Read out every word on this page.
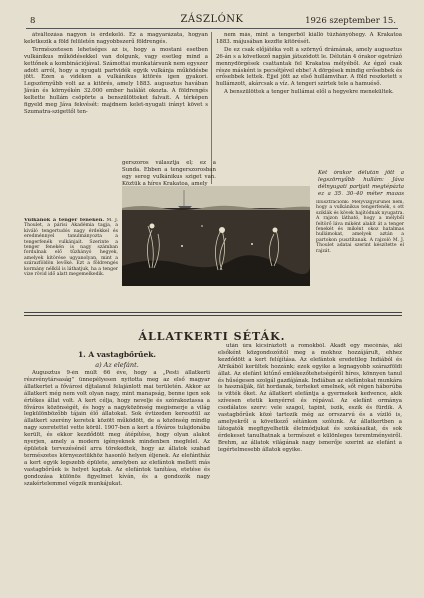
8	ZÁSZLÓNK	1926 szeptember 15.

átváltozása nagyon is érdekelő. Ez a magyarázata, hogyan keletkezik a föld felületén nagyobbszerű földrengés.

Természetesen lehetséges az is, hogy a mostani esetben vulkánikus működésekkel van dolgunk, vagy esetleg mind a kettőnek a kombinációjával. Számottai munkatársunk nem egyszer adott arról, hogy a nyugati partvidék egyik vulkánja működésbe jött. Ezen a vidéken a vulkánikus kitörés igen gyakori. Legszörnyűbb volt az a kitörés, amely 1883. augusztus havában Jáván és környékén 32.000 ember halálát okozta. A földrengés keltette hullám csöpörte a benszülötteket falvait. A térképen figyeld meg Jáva fekvését: majdnem kelet-nyugati irányt követ s Szumatra-szigettől ten-

nem más, mint a tengerből kiálló tűzhányóhegy. A Krakatoa 1883. májusában kezdte kitörését.

De ez csak előjátéka volt a szörnyű drámának, amely augusztus 26-án s a következő napján játszódott le. Délután 4 órakor egetrázó mennydörgések csattantak fel Krakatoa mélyéből. Az égző csak része másként is pecsétjével ebbe! A dörgések mindig erősebbek és erősebbek lettek. Éjjel jött az első hullámvihar. A föld reszketett s hullámzott, akárcsak a víz. A tengeri szirtek tele a hamuéső.

A benszülöttek a tenger hullámai elől a hegyekre menekültek.

gerszoros választja el; ez a Sunda. Ebben a tengerszorosban egy sereg vulkánikus sziget van. Köztük a híres Krakatoa, amely
Két órakor délután jött a legszörnyűbb hullám: Jáva délnyugati partjait megtépázta ez a 35, 30–40 méter magas
Vulkánok a tenger fenekén. M. J. Thoulet, a párisi Akadémia tagja, a kiváló tengertudós nagy érdekkel és eredménnyel tanulmányozta a tengerfenék vulkánjait. Szerinte a tenger fenekén is nagy számban fordulnak elő tűzhányó hegyek, amelyek kitörése ugyanolyan, mint a szárazföldön levőké. Ezt a földrengés kormány nélkül is láthatjuk, ha a tenger vize rövid idő alatt megemelkedik.
Illusztrációnk: Melyvízgyűrűnél nem, hogy a vulkánikus tengerfenék, s ott sziklák és kövek hajítódnak nyugatra. A rajzon látható, hogy a mélyből feltörő láva miként alakít át a tenger fenekét és miként okoz hatalmas hullámokat, amelyek aztán a partokon pusztítanak. A rajzoló M. J. Thoulet adatai szerint készítette el rajzát.
ÁLLATKERTI SÉTÁK.
1. A vastagbőrűek.
a) Az elefánt.

Augusztus 9-én múlt 66 éve, hogy a „Pesti állatkerti részvénytársaság” ünnepélyesen nyitotta meg az első magyar állatkertet a fővárosi díjtalanul felajánlott mai területén. Akkor az állatkert még nem volt olyan nagy, mint manapság, benne igen sok értékes állat volt. A kert célja, hogy nevelje és szórakoztassa a főváros közönségét, és hogy a nagyközönség megismerje a világ legkülönbözőbb tájain élő állatokat. Sok évtizeden keresztül az állatkert szerény keretek között működött, de a közönség mindig nagy szeretettel vette körül. 1907-ben a kert a főváros tulajdonába került, és ekkor kezdődött meg átépítése, hogy olyan alakot nyerjen, amely a modern igényeknek mindenben megfelel. Az épületek tervezésénél arra törekedtek, hogy az állatok szabad természetes környezetükhöz hasonló helyen éljenek. Az elefántház a kert egyik legszebb épülete, amelyben az elefántok mellett más vastagbőrűek is helyet kaptak. Az elefántok tanítása, etetése és gondozása különös figyelmet kíván, és a gondozók nagy szakértelemmel végzik munkájukat.

után úra kicsiráztott a romokból. Akadt egy mecénás, aki elsőként közgondozóitól meg a mokhoz hozzájárult, ehhez kezdődött a kert felújítása. Az elefántok eredetileg Indiából és Afrikából kerültek hozzánk; ezek egyike a legnagyobb szárazföldi állat. Az elefánt kitűnő emlékezőtehetségéről híres, könnyen tanul és hűségesen szolgál gazdájának. Indiában az elefántokat munkára is használják, fát hordanak, terheket emelnek, sőt régen háborúba is vitték őket. Az állatkert elefántja a gyermekek kedvence, akik szívesen etetik kenyérrel és répával. Az elefánt ormánya csodálatos szerv: vele szagol, tapint, iszik, eszik és fürdik. A vastagbőrűek közé tartozik még az orrszarvú és a víziló is, amelyekről a következő sétánkon szólunk. Az állatkertben a látogatók megfigyelhetik életmódjukat és szokásaikat, és sok érdekeset tanulhatnak a természet e különleges teremtményeiről. Brehm, az állatok világának nagy ismerője szerint az elefánt a legértelmesebb állatok egyike.
